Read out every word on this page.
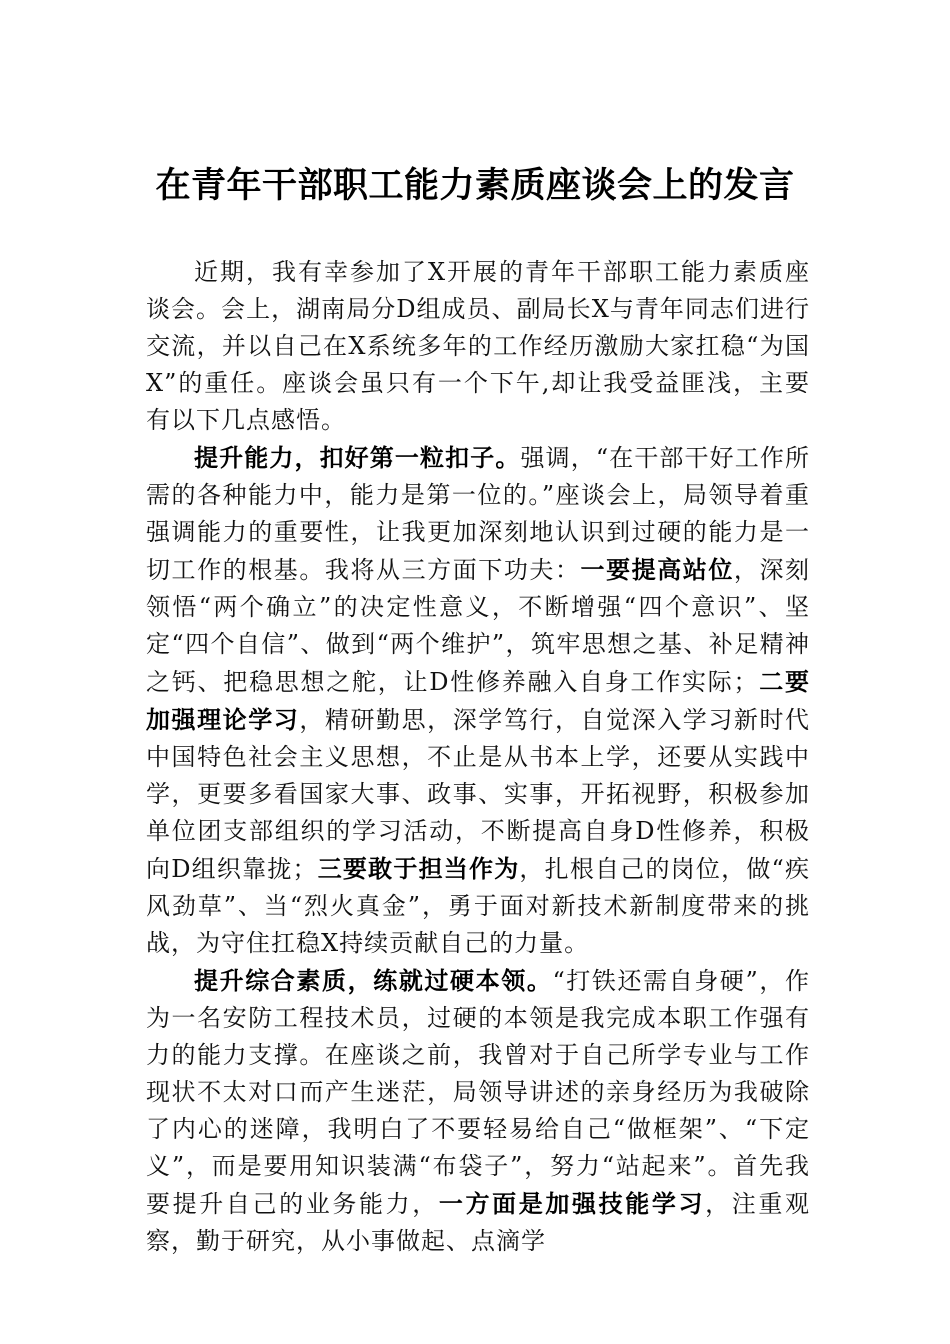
在青年干部职工能力素质座谈会上的发言

近期，我有幸参加了X开展的青年干部职工能力素质座谈会。会上，湖南局分D组成员、副局长X与青年同志们进行交流，并以自己在X系统多年的工作经历激励大家扛稳“为国X”的重任。座谈会虽只有一个下午,却让我受益匪浅，主要有以下几点感悟。

提升能力，扣好第一粒扣子。强调，“在干部干好工作所需的各种能力中，能力是第一位的。”座谈会上，局领导着重强调能力的重要性，让我更加深刻地认识到过硬的能力是一切工作的根基。我将从三方面下功夫：一要提高站位，深刻领悟“两个确立”的决定性意义，不断增强“四个意识”、坚定“四个自信”、做到“两个维护”，筑牢思想之基、补足精神之钙、把稳思想之舵，让D性修养融入自身工作实际；二要加强理论学习，精研勤思，深学笃行，自觉深入学习新时代中国特色社会主义思想，不止是从书本上学，还要从实践中学，更要多看国家大事、政事、实事，开拓视野，积极参加单位团支部组织的学习活动，不断提高自身D性修养，积极向D组织靠拢；三要敢于担当作为，扎根自己的岗位，做“疾风劲草”、当“烈火真金”，勇于面对新技术新制度带来的挑战，为守住扛稳X持续贡献自己的力量。

提升综合素质，练就过硬本领。“打铁还需自身硬”，作为一名安防工程技术员，过硬的本领是我完成本职工作强有力的能力支撑。在座谈之前，我曾对于自己所学专业与工作现状不太对口而产生迷茫，局领导讲述的亲身经历为我破除了内心的迷障，我明白了不要轻易给自己“做框架”、“下定义”，而是要用知识装满“布袋子”，努力“站起来”。首先我要提升自己的业务能力，一方面是加强技能学习，注重观察，勤于研究，从小事做起、点滴学
